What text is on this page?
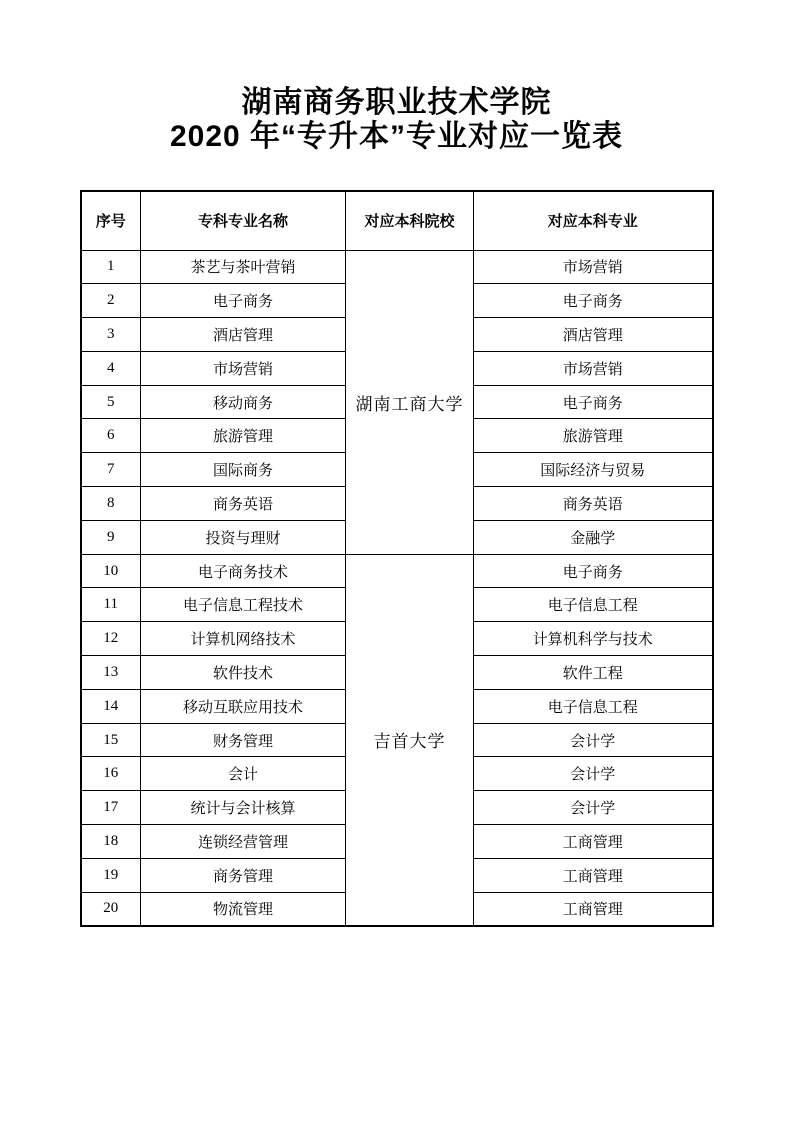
湖南商务职业技术学院
2020 年“专升本”专业对应一览表
序号	专科专业名称	对应本科院校	对应本科专业
1	茶艺与茶叶营销	湖南工商大学	市场营销
2	电子商务		电子商务
3	酒店管理		酒店管理
4	市场营销		市场营销
5	移动商务		电子商务
6	旅游管理		旅游管理
7	国际商务		国际经济与贸易
8	商务英语		商务英语
9	投资与理财		金融学
10	电子商务技术	吉首大学	电子商务
11	电子信息工程技术		电子信息工程
12	计算机网络技术		计算机科学与技术
13	软件技术		软件工程
14	移动互联应用技术		电子信息工程
15	财务管理		会计学
16	会计		会计学
17	统计与会计核算		会计学
18	连锁经营管理		工商管理
19	商务管理		工商管理
20	物流管理		工商管理
